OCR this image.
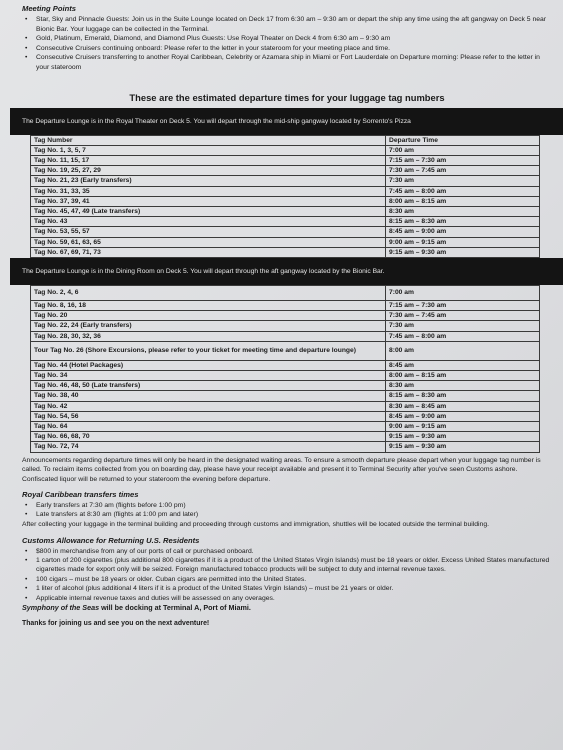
Meeting Points
• Star, Sky and Pinnacle Guests: Join us in the Suite Lounge located on Deck 17 from 6:30 am – 9:30 am or depart the ship any time using the aft gangway on Deck 5 near Bionic Bar. Your luggage can be collected in the Terminal.
• Gold, Platinum, Emerald, Diamond, and Diamond Plus Guests: Use Royal Theater on Deck 4 from 6:30 am – 9:30 am
• Consecutive Cruisers continuing onboard: Please refer to the letter in your stateroom for your meeting place and time.
• Consecutive Cruisers transferring to another Royal Caribbean, Celebrity or Azamara ship in Miami or Fort Lauderdale on Departure morning: Please refer to the letter in your stateroom
These are the estimated departure times for your luggage tag numbers
The Departure Lounge is in the Royal Theater on Deck 5. You will depart through the mid-ship gangway located by Sorrento's Pizza
Tag Number	Departure Time
Tag No. 1, 3, 5, 7	7:00 am
Tag No. 11, 15, 17	7:15 am – 7:30 am
Tag No. 19, 25, 27, 29	7:30 am – 7:45 am
Tag No. 21, 23 (Early transfers)	7:30 am
Tag No. 31, 33, 35	7:45 am – 8:00 am
Tag No. 37, 39, 41	8:00 am – 8:15 am
Tag No. 45, 47, 49 (Late transfers)	8:30 am
Tag No. 43	8:15 am – 8:30 am
Tag No. 53, 55, 57	8:45 am – 9:00 am
Tag No. 59, 61, 63, 65	9:00 am – 9:15 am
Tag No. 67, 69, 71, 73	9:15 am – 9:30 am
The Departure Lounge is in the Dining Room on Deck 5. You will depart through the aft gangway located by the Bionic Bar.
Tag No. 2, 4, 6	7:00 am
Tag No. 8, 16, 18	7:15 am – 7:30 am
Tag No. 20	7:30 am – 7:45 am
Tag No. 22, 24 (Early transfers)	7:30 am
Tag No. 28, 30, 32, 36	7:45 am – 8:00 am
Tour Tag No. 26 (Shore Excursions, please refer to your ticket for meeting time and departure lounge)	8:00 am
Tag No. 44 (Hotel Packages)	8:45 am
Tag No. 34	8:00 am – 8:15 am
Tag No. 46, 48, 50 (Late transfers)	8:30 am
Tag No. 38, 40	8:15 am – 8:30 am
Tag No. 42	8:30 am – 8:45 am
Tag No. 54, 56	8:45 am – 9:00 am
Tag No. 64	9:00 am – 9:15 am
Tag No. 66, 68, 70	9:15 am – 9:30 am
Tag No. 72, 74	9:15 am – 9:30 am

Announcements regarding departure times will only be heard in the designated waiting areas. To ensure a smooth departure please depart when your luggage tag number is called. To reclaim items collected from you on boarding day, please have your receipt available and present it to Terminal Security after you've seen Customs ashore. Confiscated liquor will be returned to your stateroom the evening before departure.

Royal Caribbean transfers times
• Early transfers at 7:30 am (flights before 1:00 pm)
• Late transfers at 8:30 am (flights at 1:00 pm and later)

After collecting your luggage in the terminal building and proceeding through customs and immigration, shuttles will be located outside the terminal building.

Customs Allowance for Returning U.S. Residents
• $800 in merchandise from any of our ports of call or purchased onboard.
• 1 carton of 200 cigarettes (plus additional 800 cigarettes if it is a product of the United States Virgin Islands) must be 18 years or older. Excess United States manufactured cigarettes made for export only will be seized. Foreign manufactured tobacco products will be subject to duty and internal revenue taxes.
• 100 cigars – must be 18 years or older. Cuban cigars are permitted into the United States.
• 1 liter of alcohol (plus additional 4 liters if it is a product of the United States Virgin Islands) – must be 21 years or older.
• Applicable internal revenue taxes and duties will be assessed on any overages.

Symphony of the Seas will be docking at Terminal A, Port of Miami.

Thanks for joining us and see you on the next adventure!
